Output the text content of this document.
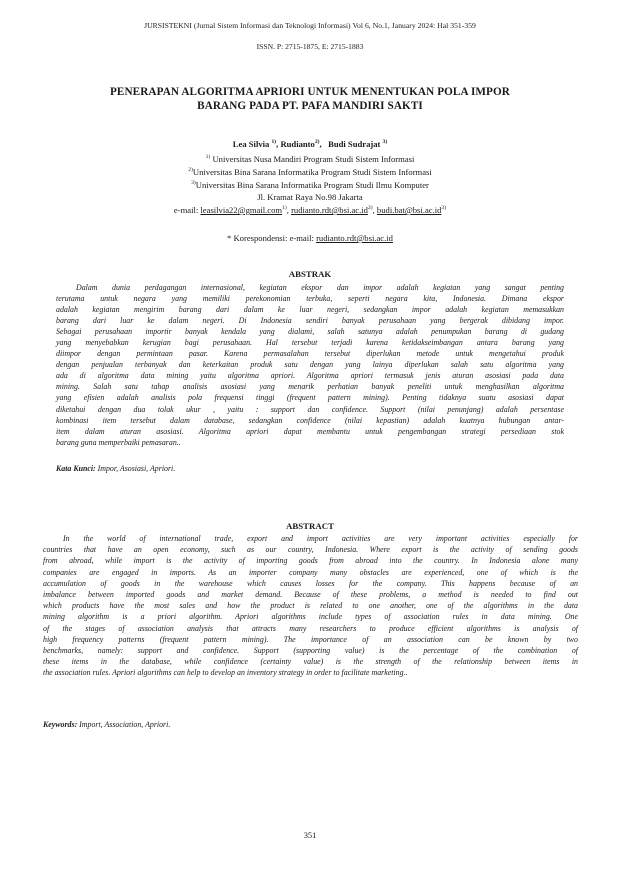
JURSISTEKNI (Jurnal Sistem Informasi dan Teknologi Informasi) Vol 6, No.1, January 2024: Hal 351-359
ISSN. P: 2715-1875, E: 2715-1883
PENERAPAN ALGORITMA APRIORI UNTUK MENENTUKAN POLA IMPOR
BARANG PADA PT. PAFA MANDIRI SAKTI
Lea Silvia $^{1)}$, Rudianto$^{2)}$,   Budi Sudrajat $^{3)}$
$^{1)}$ Universitas Nusa Mandiri Program Studi Sistem Informasi
$^{2)}$Universitas Bina Sarana Informatika Program Studi Sistem Informasi
$^{3)}$Universitas Bina Sarana Informatika Program Studi Ilmu Komputer
Jl. Kramat Raya No.98 Jakarta
e-mail: leasilvia22@gmail.com$^{1)}$, $rudianto.rdt@bsi.ac.id^{2)}$, $budi.bat@bsi.ac.id^{3)}$
* Korespondensi: e-mail: rudianto.rdt@bsi.ac.id
ABSTRAK
Dalam dunia perdagangan internasional, kegiatan ekspor dan impor adalah kegiatan yang sangat penting
terutama untuk negara yang memiliki perekonomian terbuka, seperti negara kita, Indonesia. Dimana ekspor
adalah kegiatan mengirim barang dari dalam ke luar negeri, sedangkan impor adalah kegiatan memasukkan
barang dari luar ke dalam negeri. Di Indonesia sendiri banyak perusahaan yang bergerak dibidang impor.
Sebagai perusahaan importir banyak kendala yang dialami, salah satunya adalah penumpukan barang di gudang
yang menyebabkan kerugian bagi perusahaan. Hal tersebut terjadi karena ketidakseimbangan antara barang yang
diimpor dengan permintaan pasar. Karena permasalahan tersebut diperlukan metode untuk mengetahui produk
dengan penjualan terbanyak dan keterkaitan produk satu dengan yang lainya diperlukan salah satu algoritma yang
ada di algoritma data mining yaitu algoritma apriori. Algoritma apriori termasuk jenis aturan asosiasi pada data
mining. Salah satu tahap analisis asosiasi yang menarik perhatian banyak peneliti untuk menghasilkan algoritma
yang efisien adalah analisis pola frequensi tinggi (frequent pattern mining). Penting tidaknya suatu asosiasi dapat
diketahui dengan dua tolak ukur , yaitu : support dan confidence. Support (nilai penunjang) adalah persentase
kombinasi item tersebut dalam database, sedangkan confidence (nilai kepastian) adalah kuatnya hubungan antar-
item dalam aturan asosiasi. Algoritma apriori dapat membantu untuk pengembangan strategi persediaan stok
barang guna memperbaiki pemasaran..
Kata Kunci: Impor, Asosiasi, Apriori.
ABSTRACT
In the world of international trade, export and import activities are very important activities especially for
countries that have an open economy, such as our country, Indonesia. Where export is the activity of sending goods
from abroad, while import is the activity of importing goods from abroad into the country. In Indonesia alone many
companies are engaged in imports. As an importer company many obstacles are experienced, one of which is the
accumulation of goods in the warehouse which causes losses for the company. This happens because of an
imbalance between imported goods and market demand. Because of these problems, a method is needed to find out
which products have the most sales and how the product is related to one another, one of the algorithms in the data
mining algorithm is a priori algorithm. Apriori algorithms include types of association rules in data mining. One
of the stages of association analysis that attracts many researchers to produce efficient algorithms is analysis of
high frequency patterns (frequent pattern mining). The importance of an association can be known by two
benchmarks, namely: support and confidence. Support (supporting value) is the percentage of the combination of
these items in the database, while confidence (certainty value) is the strength of the relationship between items in
the association rules. Apriori algorithms can help to develop an inventory strategy in order to facilitate marketing..
Keywords: Import, Association, Apriori.
351
